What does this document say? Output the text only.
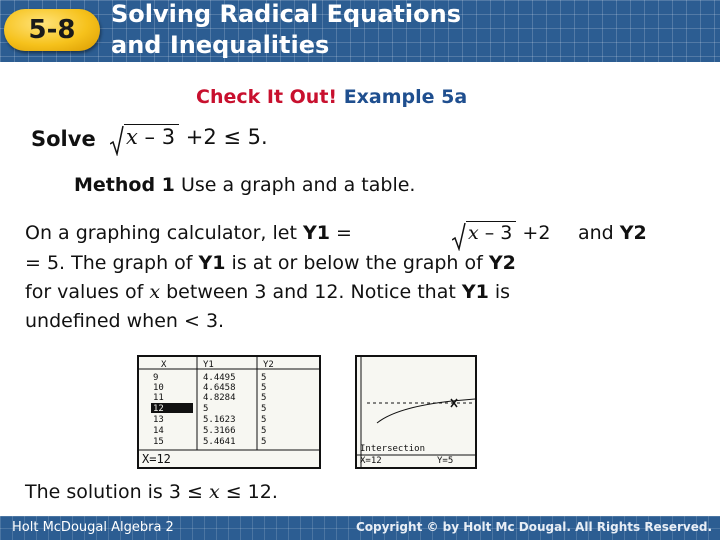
5-8
Solving Radical Equations
and Inequalities
Check It Out! Example 5a
Solve	x – 3 +2 ≤ 5.
Method 1 Use a graph and a table.
On a graphing calculator, let Y1 =	x – 3 +2 and Y2
= 5. The graph of Y1 is at or below the graph of Y2
for values of x between 3 and 12. Notice that Y1 is
undefined when < 3.
X	Y1	Y2
9	4.4495	5
10	4.6458	5
11	4.8284	5
12	5	5
13	5.1623	5
14	5.3166	5
15	5.4641	5
X=12
Intersection
X=12	Y=5
The solution is 3 ≤ x ≤ 12.
Holt McDougal Algebra 2	Copyright © by Holt Mc Dougal. All Rights Reserved.
